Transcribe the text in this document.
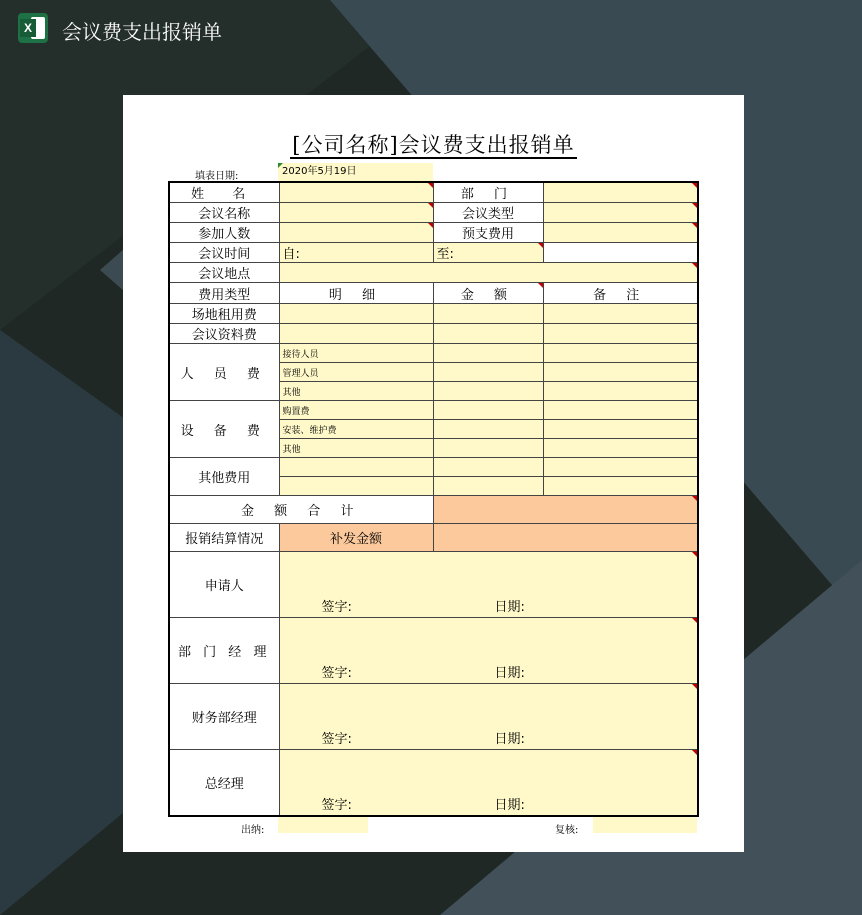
X 会议费支出报销单
[公司名称]会议费支出报销单
填表日期:	2020年5月19日
姓 名		部 门	
会议名称		会议类型	
参加人数		预支费用	
会议时间	自:	至:	
会议地点			
费用类型	明 细	金 额	备 注
场地租用费			
会议资料费			
人 员 费	接待人员		
	管理人员		
	其他		
设 备 费	购置费		
	安装、维护费		
	其他		
其他费用			

金 额 合 计			
报销结算情况	补发金额		
申请人	签字: 日期:		

部 门 经 理	签字: 日期:		

财务部经理	签字: 日期:		

总经理	签字: 日期:		
出纳:	复核:
